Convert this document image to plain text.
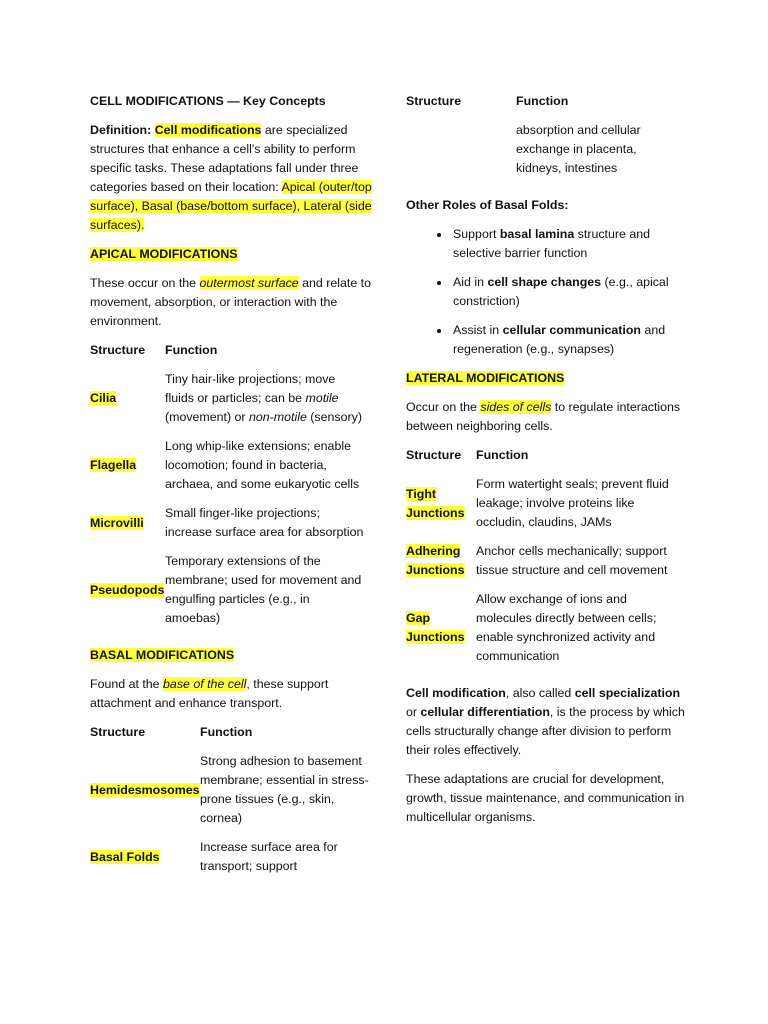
CELL MODIFICATIONS — Key Concepts

Definition: Cell modifications are specialized structures that enhance a cell's ability to perform specific tasks. These adaptations fall under three categories based on their location: Apical (outer/top surface), Basal (base/bottom surface), Lateral (side surfaces).

APICAL MODIFICATIONS

These occur on the outermost surface and relate to movement, absorption, or interaction with the environment.

Structure	Function
Cilia	Tiny hair-like projections; move fluids or particles; can be motile (movement) or non-motile (sensory)
Flagella	Long whip-like extensions; enable locomotion; found in bacteria, archaea, and some eukaryotic cells
Microvilli	Small finger-like projections; increase surface area for absorption
Pseudopods	Temporary extensions of the membrane; used for movement and engulfing particles (e.g., in amoebas)

BASAL MODIFICATIONS

Found at the base of the cell, these support attachment and enhance transport.

Structure	Function
Hemidesmosomes	Strong adhesion to basement membrane; essential in stress-prone tissues (e.g., skin, cornea)
Basal Folds	Increase surface area for transport; support
Structure	Function
	absorption and cellular exchange in placenta, kidneys, intestines

Other Roles of Basal Folds:

• Support basal lamina structure and selective barrier function
• Aid in cell shape changes (e.g., apical constriction)
• Assist in cellular communication and regeneration (e.g., synapses)

LATERAL MODIFICATIONS

Occur on the sides of cells to regulate interactions between neighboring cells.

Structure	Function
Tight
Junctions	Form watertight seals; prevent fluid leakage; involve proteins like occludin, claudins, JAMs
Adhering
Junctions	Anchor cells mechanically; support tissue structure and cell movement
Gap
Junctions	Allow exchange of ions and molecules directly between cells; enable synchronized activity and communication

Cell modification, also called cell specialization or cellular differentiation, is the process by which cells structurally change after division to perform their roles effectively.

These adaptations are crucial for development, growth, tissue maintenance, and communication in multicellular organisms.
